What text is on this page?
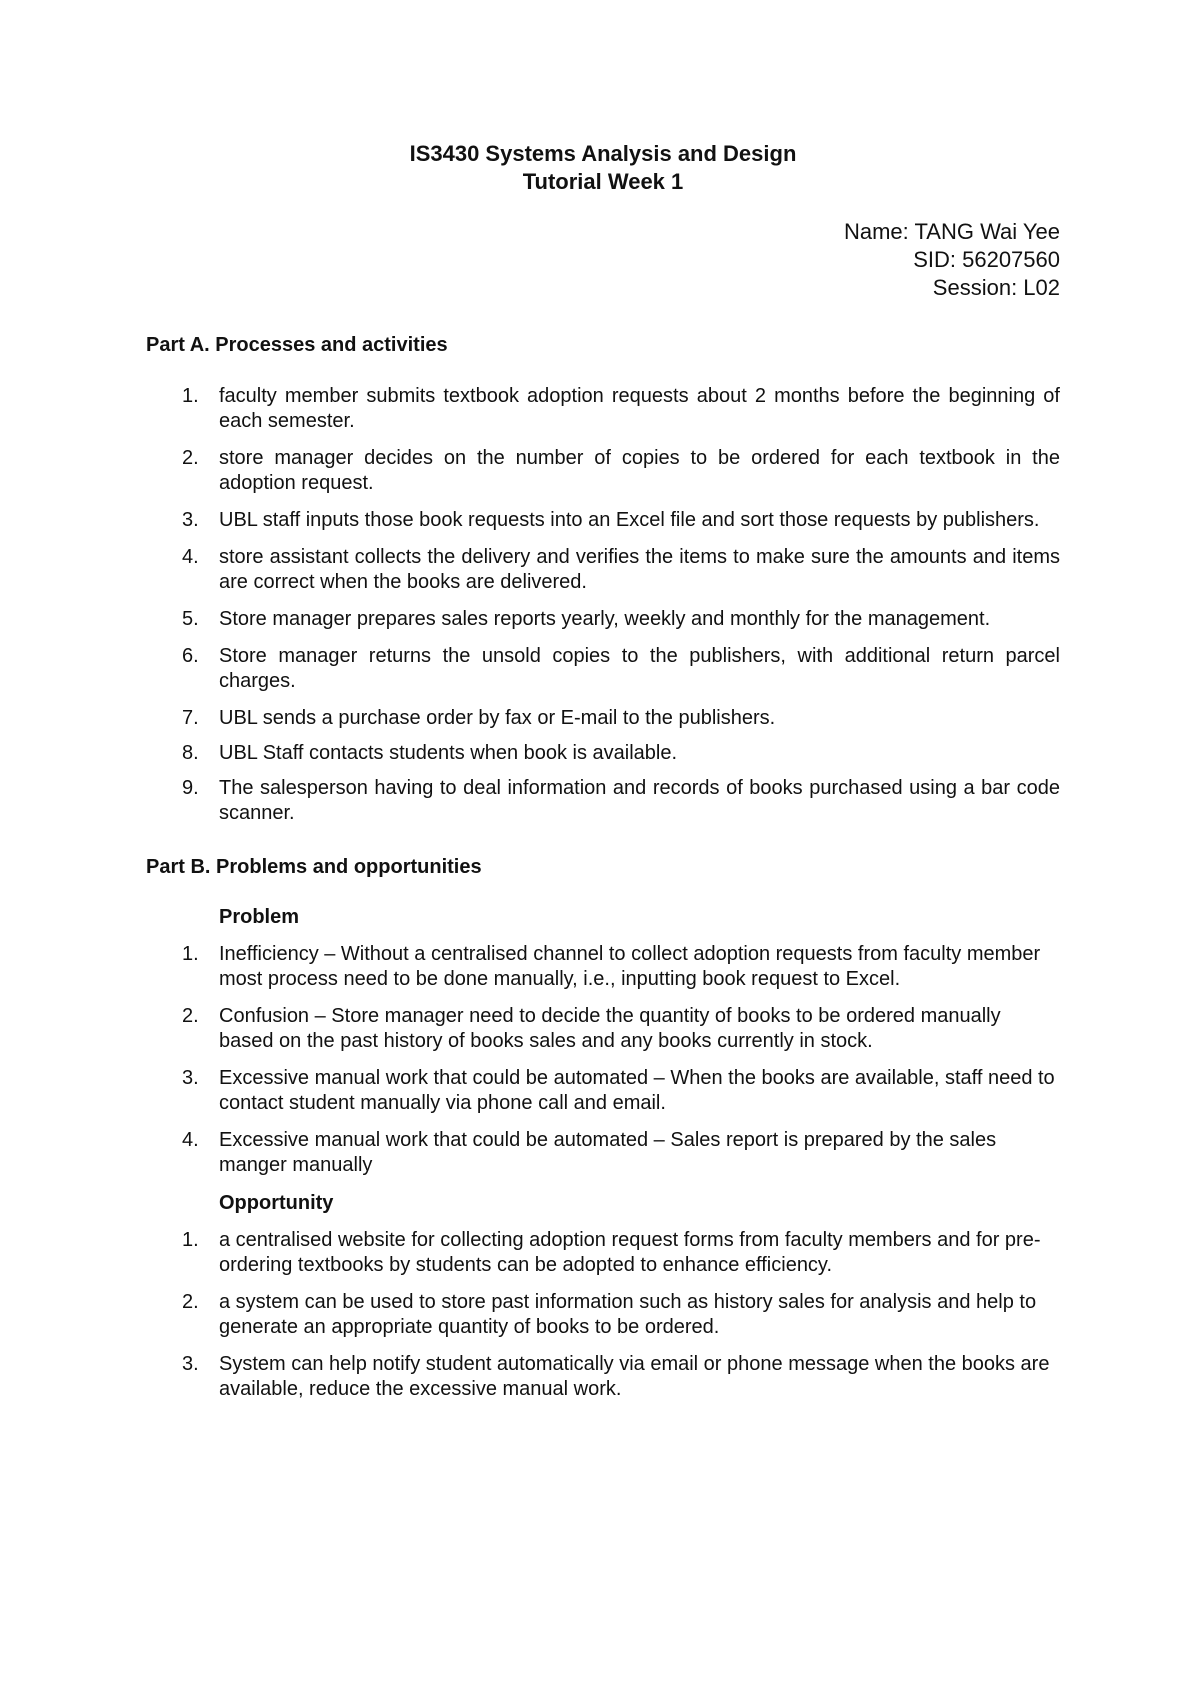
IS3430 Systems Analysis and Design

Tutorial Week 1

Name: TANG Wai Yee
SID: 56207560
Session: L02

Part A. Processes and activities

1.	faculty member submits textbook adoption requests about 2 months before the beginning of each semester.
2.	store manager decides on the number of copies to be ordered for each textbook in the adoption request.
3.	UBL staff inputs those book requests into an Excel file and sort those requests by publishers.
4.	store assistant collects the delivery and verifies the items to make sure the amounts and items are correct when the books are delivered.
5.	Store manager prepares sales reports yearly, weekly and monthly for the management.
6.	Store manager returns the unsold copies to the publishers, with additional return parcel charges.
7.	UBL sends a purchase order by fax or E-mail to the publishers.
8.	UBL Staff contacts students when book is available.
9.	The salesperson having to deal information and records of books purchased using a bar code scanner.

Part B. Problems and opportunities

Problem

1.	Inefficiency – Without a centralised channel to collect adoption requests from faculty member most process need to be done manually, i.e., inputting book request to Excel.
2.	Confusion – Store manager need to decide the quantity of books to be ordered manually based on the past history of books sales and any books currently in stock.
3.	Excessive manual work that could be automated – When the books are available, staff need to contact student manually via phone call and email.
4.	Excessive manual work that could be automated – Sales report is prepared by the sales manger manually

Opportunity

1.	a centralised website for collecting adoption request forms from faculty members and for pre-ordering textbooks by students can be adopted to enhance efficiency.
2.	a system can be used to store past information such as history sales for analysis and help to generate an appropriate quantity of books to be ordered.
3.	System can help notify student automatically via email or phone message when the books are available, reduce the excessive manual work.
